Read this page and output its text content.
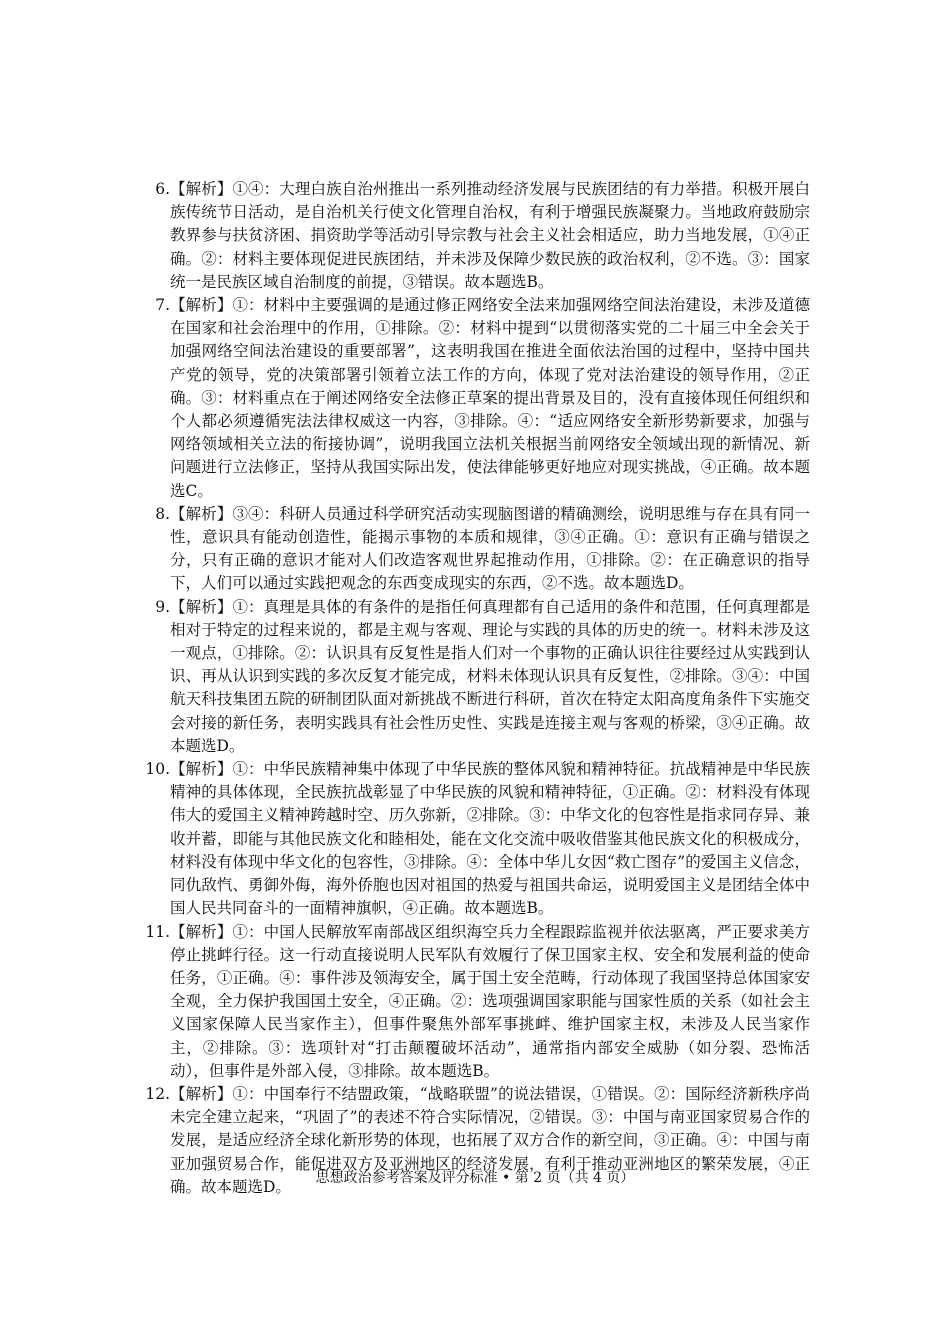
6. 【解析】①④：大理白族自治州推出一系列推动经济发展与民族团结的有力举措。积极开展白族传统节日活动，是自治机关行使文化管理自治权，有利于增强民族凝聚力。当地政府鼓励宗教界参与扶贫济困、捐资助学等活动引导宗教与社会主义社会相适应，助力当地发展，①④正确。②：材料主要体现促进民族团结，并未涉及保障少数民族的政治权利，②不选。③：国家统一是民族区域自治制度的前提，③错误。故本题选B。
7. 【解析】①：材料中主要强调的是通过修正网络安全法来加强网络空间法治建设，未涉及道德在国家和社会治理中的作用，①排除。②：材料中提到“以贯彻落实党的二十届三中全会关于加强网络空间法治建设的重要部署”，这表明我国在推进全面依法治国的过程中，坚持中国共产党的领导，党的决策部署引领着立法工作的方向，体现了党对法治建设的领导作用，②正确。③：材料重点在于阐述网络安全法修正草案的提出背景及目的，没有直接体现任何组织和个人都必须遵循宪法法律权威这一内容，③排除。④：“适应网络安全新形势新要求，加强与网络领域相关立法的衔接协调”，说明我国立法机关根据当前网络安全领域出现的新情况、新问题进行立法修正，坚持从我国实际出发，使法律能够更好地应对现实挑战，④正确。故本题选C。
8. 【解析】③④：科研人员通过科学研究活动实现脑图谱的精确测绘，说明思维与存在具有同一性，意识具有能动创造性，能揭示事物的本质和规律，③④正确。①：意识有正确与错误之分，只有正确的意识才能对人们改造客观世界起推动作用，①排除。②：在正确意识的指导下，人们可以通过实践把观念的东西变成现实的东西，②不选。故本题选D。
9. 【解析】①：真理是具体的有条件的是指任何真理都有自己适用的条件和范围，任何真理都是相对于特定的过程来说的，都是主观与客观、理论与实践的具体的历史的统一。材料未涉及这一观点，①排除。②：认识具有反复性是指人们对一个事物的正确认识往往要经过从实践到认识、再从认识到实践的多次反复才能完成，材料未体现认识具有反复性，②排除。③④：中国航天科技集团五院的研制团队面对新挑战不断进行科研，首次在特定太阳高度角条件下实施交会对接的新任务，表明实践具有社会性历史性、实践是连接主观与客观的桥梁，③④正确。故本题选D。
10. 【解析】①：中华民族精神集中体现了中华民族的整体风貌和精神特征。抗战精神是中华民族精神的具体体现，全民族抗战彰显了中华民族的风貌和精神特征，①正确。②：材料没有体现伟大的爱国主义精神跨越时空、历久弥新，②排除。③：中华文化的包容性是指求同存异、兼收并蓄，即能与其他民族文化和睦相处，能在文化交流中吸收借鉴其他民族文化的积极成分，材料没有体现中华文化的包容性，③排除。④：全体中华儿女因“救亡图存”的爱国主义信念，同仇敌忾、勇御外侮，海外侨胞也因对祖国的热爱与祖国共命运，说明爱国主义是团结全体中国人民共同奋斗的一面精神旗帜，④正确。故本题选B。
11. 【解析】①：中国人民解放军南部战区组织海空兵力全程跟踪监视并依法驱离，严正要求美方停止挑衅行径。这一行动直接说明人民军队有效履行了保卫国家主权、安全和发展利益的使命任务，①正确。④：事件涉及领海安全，属于国土安全范畴，行动体现了我国坚持总体国家安全观，全力保护我国国土安全，④正确。②：选项强调国家职能与国家性质的关系（如社会主义国家保障人民当家作主），但事件聚焦外部军事挑衅、维护国家主权，未涉及人民当家作主，②排除。③：选项针对“打击颠覆破坏活动”，通常指内部安全威胁（如分裂、恐怖活动），但事件是外部入侵，③排除。故本题选B。
12. 【解析】①：中国奉行不结盟政策，“战略联盟”的说法错误，①错误。②：国际经济新秩序尚未完全建立起来，“巩固了”的表述不符合实际情况，②错误。③：中国与南亚国家贸易合作的发展，是适应经济全球化新形势的体现，也拓展了双方合作的新空间，③正确。④：中国与南亚加强贸易合作，能促进双方及亚洲地区的经济发展，有利于推动亚洲地区的繁荣发展，④正确。故本题选D。	思想政治参考答案及评分标准 • 第 2 页（共 4 页）
